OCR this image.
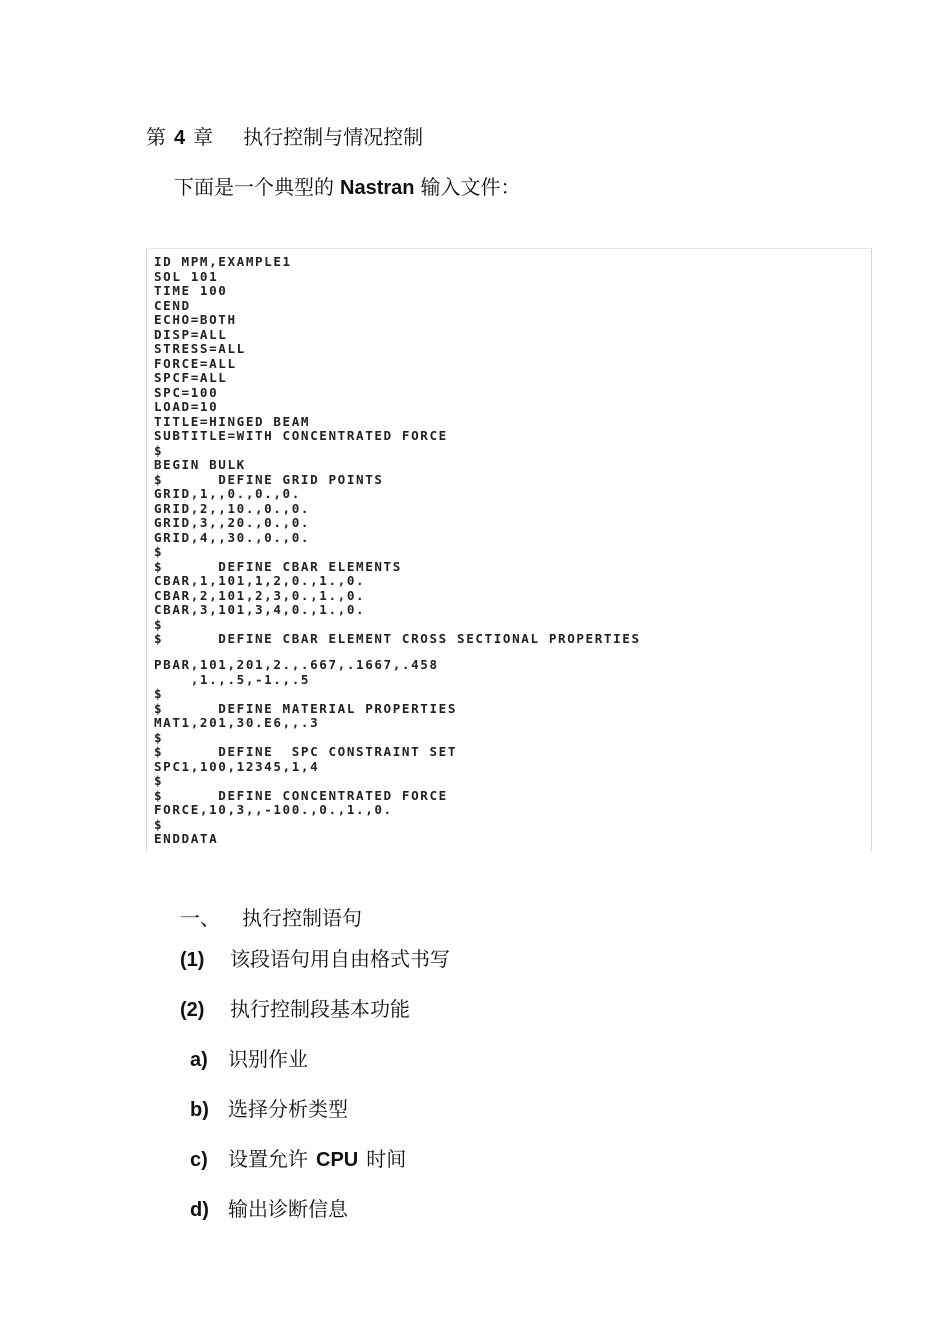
第 4 章 执行控制与情况控制
下面是一个典型的 Nastran 输入文件：
ID MPM,EXAMPLE1
SOL 101
TIME 100
CEND
ECHO=BOTH
DISP=ALL
STRESS=ALL
FORCE=ALL
SPCF=ALL
SPC=100
LOAD=10
TITLE=HINGED BEAM
SUBTITLE=WITH CONCENTRATED FORCE
$
BEGIN BULK
$      DEFINE GRID POINTS
GRID,1,,0.,0.,0.
GRID,2,,10.,0.,0.
GRID,3,,20.,0.,0.
GRID,4,,30.,0.,0.
$
$      DEFINE CBAR ELEMENTS
CBAR,1,101,1,2,0.,1.,0.
CBAR,2,101,2,3,0.,1.,0.
CBAR,3,101,3,4,0.,1.,0.
$
$      DEFINE CBAR ELEMENT CROSS SECTIONAL PROPERTIES
PBAR,101,201,2.,.667,.1667,.458
,1.,.5,-1.,.5
$
$      DEFINE MATERIAL PROPERTIES
MAT1,201,30.E6,,.3
$
$      DEFINE  SPC CONSTRAINT SET
SPC1,100,12345,1,4
$
$      DEFINE CONCENTRATED FORCE
FORCE,10,3,,-100.,0.,1.,0.
$
ENDDATA
一、 执行控制语句
(1) 该段语句用自由格式书写
(2) 执行控制段基本功能
a) 识别作业
b) 选择分析类型
c) 设置允许 CPU 时间
d) 输出诊断信息
